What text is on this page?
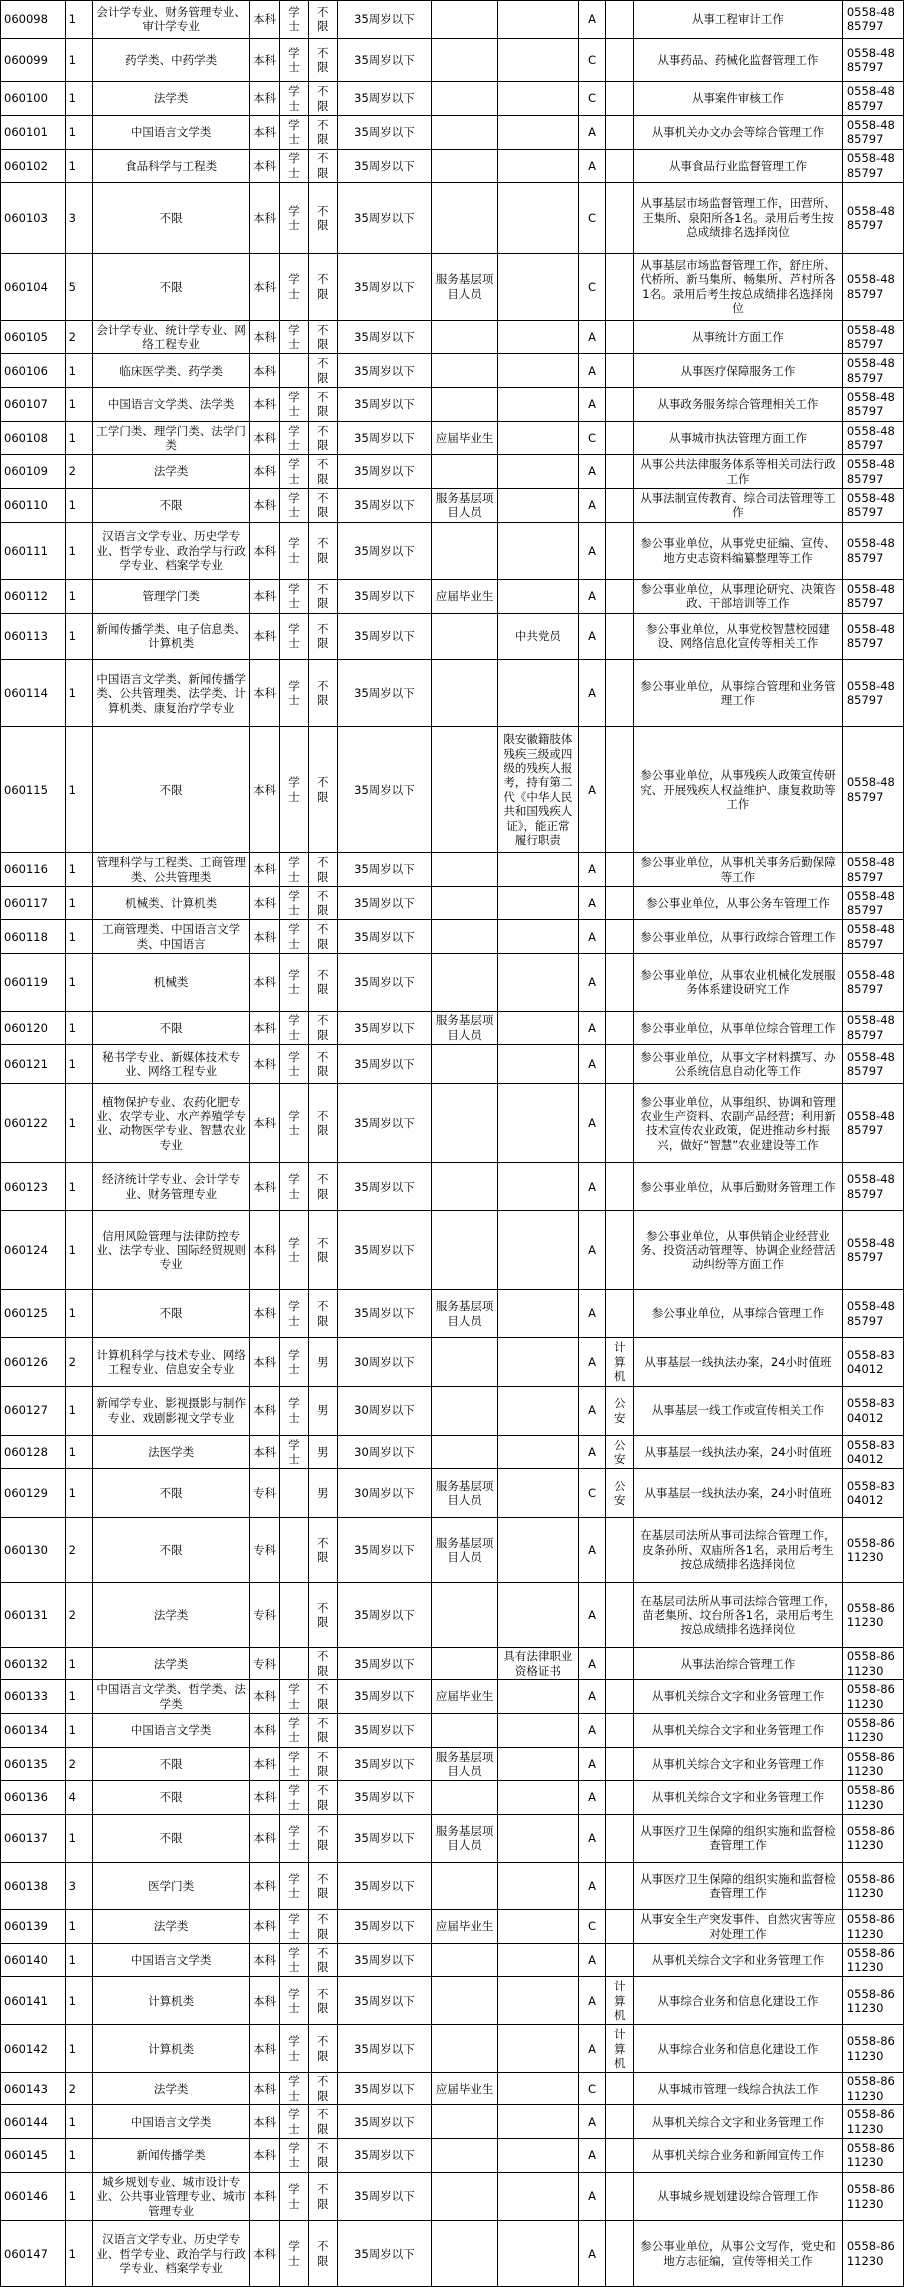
060098	1	会计学专业、财务管理专业、审计学专业	本科	学士	不限	35周岁以下			A		从事工程审计工作	0558-4885797
060099	1	药学类、中药学类	本科	学士	不限	35周岁以下			C		从事药品、药械化监督管理工作	0558-4885797
060100	1	法学类	本科	学士	不限	35周岁以下			C		从事案件审核工作	0558-4885797
060101	1	中国语言文学类	本科	学士	不限	35周岁以下			A		从事机关办文办会等综合管理工作	0558-4885797
060102	1	食品科学与工程类	本科	学士	不限	35周岁以下			A		从事食品行业监督管理工作	0558-4885797
060103	3	不限	本科	学士	不限	35周岁以下			C		从事基层市场监督管理工作，田营所、王集所、泉阳所各1名。录用后考生按总成绩排名选择岗位	0558-4885797
060104	5	不限	本科	学士	不限	35周岁以下	服务基层项目人员		C		从事基层市场监督管理工作，舒庄所、代桥所、新马集所、畅集所、芦村所各1名。录用后考生按总成绩排名选择岗位	0558-4885797
060105	2	会计学专业、统计学专业、网络工程专业	本科	学士	不限	35周岁以下			A		从事统计方面工作	0558-4885797
060106	1	临床医学类、药学类	本科		不限	35周岁以下			A		从事医疗保障服务工作	0558-4885797
060107	1	中国语言文学类、法学类	本科	学士	不限	35周岁以下			A		从事政务服务综合管理相关工作	0558-4885797
060108	1	工学门类、理学门类、法学门类	本科	学士	不限	35周岁以下	应届毕业生		C		从事城市执法管理方面工作	0558-4885797
060109	2	法学类	本科	学士	不限	35周岁以下			A		从事公共法律服务体系等相关司法行政工作	0558-4885797
060110	1	不限	本科	学士	不限	35周岁以下	服务基层项目人员		A		从事法制宣传教育、综合司法管理等工作	0558-4885797
060111	1	汉语言文学专业、历史学专业、哲学专业、政治学与行政学专业、档案学专业	本科	学士	不限	35周岁以下			A		参公事业单位，从事党史征编、宣传、地方史志资料编纂整理等工作	0558-4885797
060112	1	管理学门类	本科	学士	不限	35周岁以下	应届毕业生		A		参公事业单位，从事理论研究、决策咨政、干部培训等工作	0558-4885797
060113	1	新闻传播学类、电子信息类、计算机类	本科	学士	不限	35周岁以下		中共党员	A		参公事业单位，从事党校智慧校园建设、网络信息化宣传等相关工作	0558-4885797
060114	1	中国语言文学类、新闻传播学类、公共管理类、法学类、计算机类、康复治疗学专业	本科	学士	不限	35周岁以下			A		参公事业单位，从事综合管理和业务管理工作	0558-4885797
060115	1	不限	本科	学士	不限	35周岁以下		限安徽籍肢体残疾三级或四级的残疾人报考，持有第二代《中华人民共和国残疾人证》，能正常履行职责	A		参公事业单位，从事残疾人政策宣传研究、开展残疾人权益维护、康复救助等工作	0558-4885797
060116	1	管理科学与工程类、工商管理类、公共管理类	本科	学士	不限	35周岁以下			A		参公事业单位，从事机关事务后勤保障等工作	0558-4885797
060117	1	机械类、计算机类	本科	学士	不限	35周岁以下			A		参公事业单位，从事公务车管理工作	0558-4885797
060118	1	工商管理类、中国语言文学类、中国语言	本科	学士	不限	35周岁以下			A		参公事业单位，从事行政综合管理工作	0558-4885797
060119	1	机械类	本科	学士	不限	35周岁以下			A		参公事业单位，从事农业机械化发展服务体系建设研究工作	0558-4885797
060120	1	不限	本科	学士	不限	35周岁以下	服务基层项目人员		A		参公事业单位，从事单位综合管理工作	0558-4885797
060121	1	秘书学专业、新媒体技术专业、网络工程专业	本科	学士	不限	35周岁以下			A		参公事业单位，从事文字材料撰写、办公系统信息自动化等工作	0558-4885797
060122	1	植物保护专业、农药化肥专业、农学专业、水产养殖学专业、动物医学专业、智慧农业专业	本科	学士	不限	35周岁以下			A		参公事业单位，从事组织、协调和管理农业生产资料、农副产品经营；利用新技术宣传农业政策，促进推动乡村振兴，做好“智慧”农业建设等工作	0558-4885797
060123	1	经济统计学专业、会计学专业、财务管理专业	本科	学士	不限	35周岁以下			A		参公事业单位，从事后勤财务管理工作	0558-4885797
060124	1	信用风险管理与法律防控专业、法学专业、国际经贸规则专业	本科	学士	不限	35周岁以下			A		参公事业单位，从事供销企业经营业务、投资活动管理等、协调企业经营活动纠纷等方面工作	0558-4885797
060125	1	不限	本科	学士	不限	35周岁以下	服务基层项目人员		A		参公事业单位，从事综合管理工作	0558-4885797
060126	2	计算机科学与技术专业、网络工程专业、信息安全专业	本科	学士	男	30周岁以下			A	计算机	从事基层一线执法办案，24小时值班	0558-8304012
060127	1	新闻学专业、影视摄影与制作专业、戏剧影视文学专业	本科	学士	男	30周岁以下			A	公安	从事基层一线工作或宣传相关工作	0558-8304012
060128	1	法医学类	本科	学士	男	30周岁以下			A	公安	从事基层一线执法办案，24小时值班	0558-8304012
060129	1	不限	专科		男	30周岁以下	服务基层项目人员		C	公安	从事基层一线执法办案，24小时值班	0558-8304012
060130	2	不限	专科		不限	35周岁以下	服务基层项目人员		A		在基层司法所从事司法综合管理工作，皮条孙所、双庙所各1名，录用后考生按总成绩排名选择岗位	0558-8611230
060131	2	法学类	专科		不限	35周岁以下			A		在基层司法所从事司法综合管理工作，苗老集所、坟台所各1名，录用后考生按总成绩排名选择岗位	0558-8611230
060132	1	法学类	专科		不限	35周岁以下		具有法律职业资格证书	A		从事法治综合管理工作	0558-8611230
060133	1	中国语言文学类、哲学类、法学类	本科	学士	不限	35周岁以下	应届毕业生		A		从事机关综合文字和业务管理工作	0558-8611230
060134	1	中国语言文学类	本科	学士	不限	35周岁以下			A		从事机关综合文字和业务管理工作	0558-8611230
060135	2	不限	本科	学士	不限	35周岁以下	服务基层项目人员		A		从事机关综合文字和业务管理工作	0558-8611230
060136	4	不限	本科	学士	不限	35周岁以下			A		从事机关综合文字和业务管理工作	0558-8611230
060137	1	不限	本科	学士	不限	35周岁以下	服务基层项目人员		A		从事医疗卫生保障的组织实施和监督检查管理工作	0558-8611230
060138	3	医学门类	本科	学士	不限	35周岁以下			A		从事医疗卫生保障的组织实施和监督检查管理工作	0558-8611230
060139	1	法学类	本科	学士	不限	35周岁以下	应届毕业生		C		从事安全生产突发事件、自然灾害等应对处理工作	0558-8611230
060140	1	中国语言文学类	本科	学士	不限	35周岁以下			A		从事机关综合文字和业务管理工作	0558-8611230
060141	1	计算机类	本科	学士	不限	35周岁以下			A	计算机	从事综合业务和信息化建设工作	0558-8611230
060142	1	计算机类	本科	学士	不限	35周岁以下			A	计算机	从事综合业务和信息化建设工作	0558-8611230
060143	2	法学类	本科	学士	不限	35周岁以下	应届毕业生		C		从事城市管理一线综合执法工作	0558-8611230
060144	1	中国语言文学类	本科	学士	不限	35周岁以下			A		从事机关综合文字和业务管理工作	0558-8611230
060145	1	新闻传播学类	本科	学士	不限	35周岁以下			A		从事机关综合业务和新闻宣传工作	0558-8611230
060146	1	城乡规划专业、城市设计专业、公共事业管理专业、城市管理专业	本科	学士	不限	35周岁以下			A		从事城乡规划建设综合管理工作	0558-8611230
060147	1	汉语言文学专业、历史学专业、哲学专业、政治学与行政学专业、档案学专业	本科	学士	不限	35周岁以下			A		参公事业单位，从事公文写作，党史和地方志征编，宣传等相关工作	0558-8611230
